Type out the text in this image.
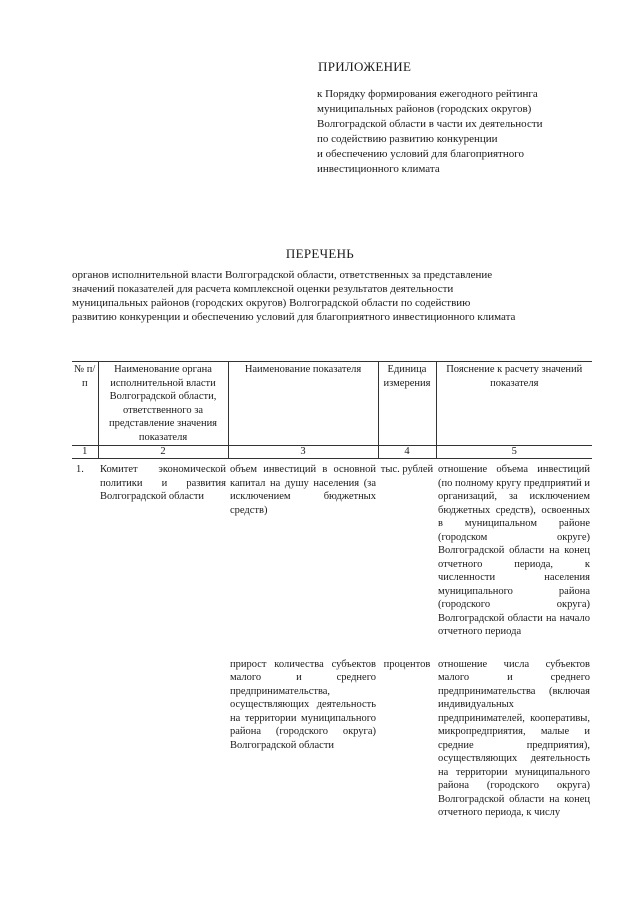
ПРИЛОЖЕНИЕ
к Порядку формирования ежегодного рейтинга
муниципальных районов (городских округов)
Волгоградской области в части их деятельности
по содействию развитию конкуренции
и обеспечению условий для благоприятного
инвестиционного климата
ПЕРЕЧЕНЬ
органов исполнительной власти Волгоградской области, ответственных за представление
значений показателей для расчета комплексной оценки результатов деятельности
муниципальных районов (городских округов) Волгоградской области по содействию
развитию конкуренции и обеспечению условий для благоприятного инвестиционного климата
№ п/п	Наименование органа исполнительной власти Волгоградской области, ответственного за представление значения показателя	Наименование показателя	Единица измерения	Пояснение к расчету значений показателя
1	2	3	4	5
1.	Комитет экономической политики и развития Волгоградской области	объем инвестиций в основной капитал на душу населения (за исключением бюджетных средств)	тыс. рублей	отношение объема инвестиций (по полному кругу предприятий и организаций, за исключением бюджетных средств), освоенных в муниципальном районе (городском округе) Волгоградской области на конец отчетного периода, к численности населения муниципального района (городского округа) Волгоградской области на начало отчетного периода
		прирост количества субъектов малого и среднего предпринимательства, осуществляющих деятельность на территории муниципального района (городского округа) Волгоградской области	процентов	отношение числа субъектов малого и среднего предпринимательства (включая индивидуальных предпринимателей, кооперативы, микропредприятия, малые и средние предприятия), осуществляющих деятельность на территории муниципального района (городского округа) Волгоградской области на конец отчетного периода, к числу
